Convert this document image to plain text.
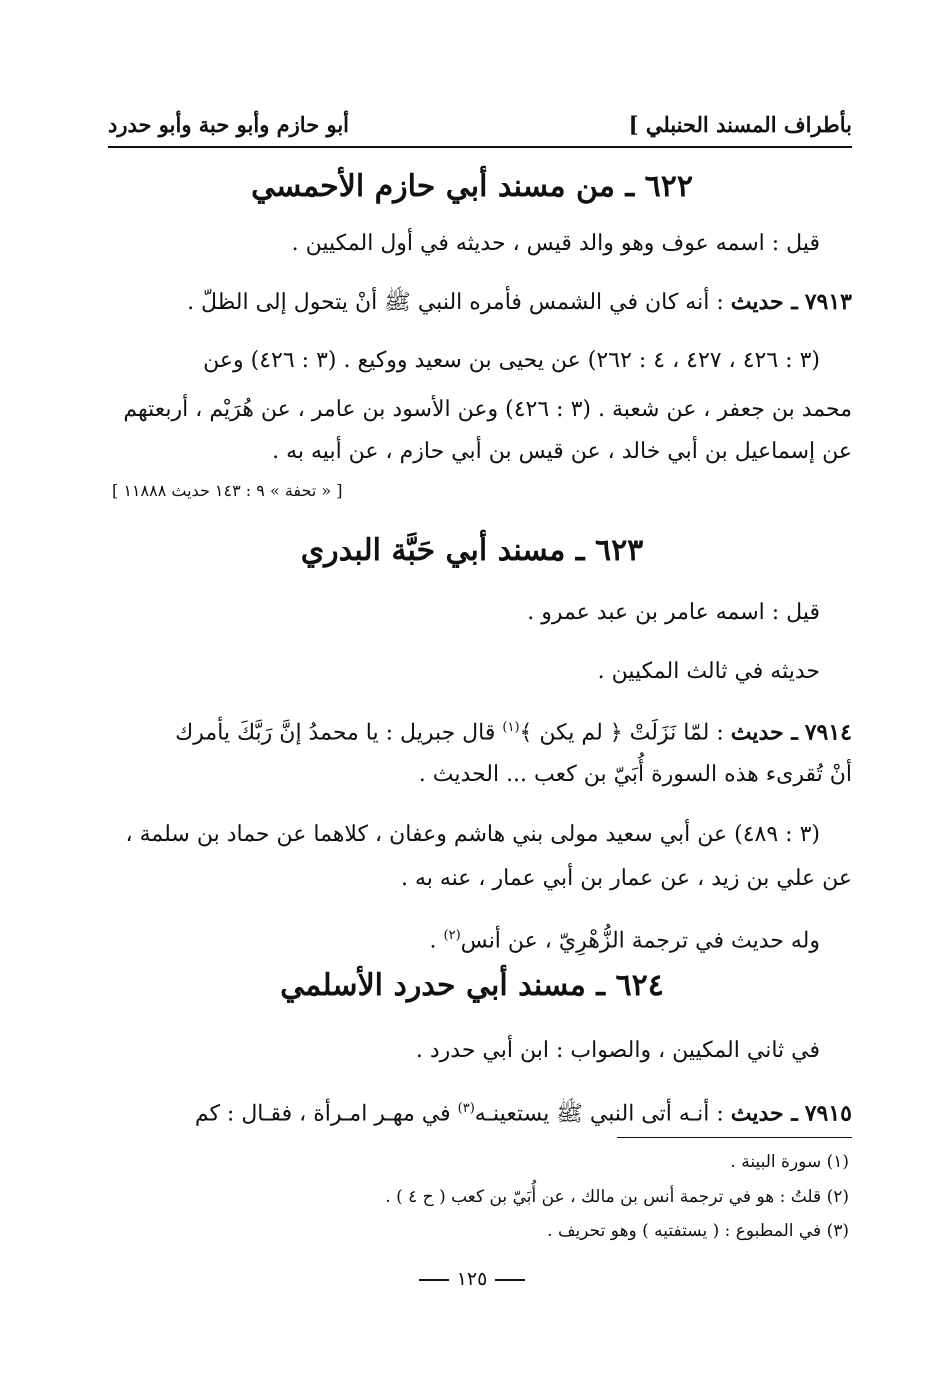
بأطراف المسند الحنبلي ]
أبو حازم وأبو حبة وأبو حدرد
٦٢٢ ـ من مسند أبي حازم الأحمسي
قيل : اسمه عوف وهو والد قيس ، حديثه في أول المكيين .
٧٩١٣ ـ حديث : أنه كان في الشمس فأمره النبي ﷺ أنْ يتحول إلى الظلّ .
(٣ : ٤٢٦ ، ٤٢٧ ، ٤ : ٢٦٢) عن يحيى بن سعيد ووكيع . (٣ : ٤٢٦) وعن
محمد بن جعفر ، عن شعبة . (٣ : ٤٢٦) وعن الأسود بن عامر ، عن هُرَيْم ، أربعتهم
عن إسماعيل بن أبي خالد ، عن قيس بن أبي حازم ، عن أبيه به .
[ « تحفة » ٩ : ١٤٣ حديث ١١٨٨٨ ]
٦٢٣ ـ مسند أبي حَبَّة البدري
قيل : اسمه عامر بن عبد عمرو .
حديثه في ثالث المكيين .
٧٩١٤ ـ حديث : لمّا نَزَلَتْ ﴿ لم يكن ﴾$^{(١)}$ قال جبريل : يا محمدُ إنَّ رَبَّكَ يأمرك
أنْ تُقرىء هذه السورة أُبَيّ بن كعب ... الحديث .
(٣ : ٤٨٩) عن أبي سعيد مولى بني هاشم وعفان ، كلاهما عن حماد بن سلمة ،
عن علي بن زيد ، عن عمار بن أبي عمار ، عنه به .
وله حديث في ترجمة الزُّهْرِيّ ، عن أنس$^{(٢)}$ .
٦٢٤ ـ مسند أبي حدرد الأسلمي
في ثاني المكيين ، والصواب : ابن أبي حدرد .
٧٩١٥ ـ حديث : أنـه أتى النبي ﷺ يستعينـه$^{(٣)}$ في مهـر امـرأة ، فقـال : كم
(١) سورة البينة .
(٢) قلتُ : هو في ترجمة أنس بن مالك ، عن أُبَيّ بن كعب ( ح ٤ ) .
(٣) في المطبوع : ( يستفتيه ) وهو تحريف .
١٢٥
